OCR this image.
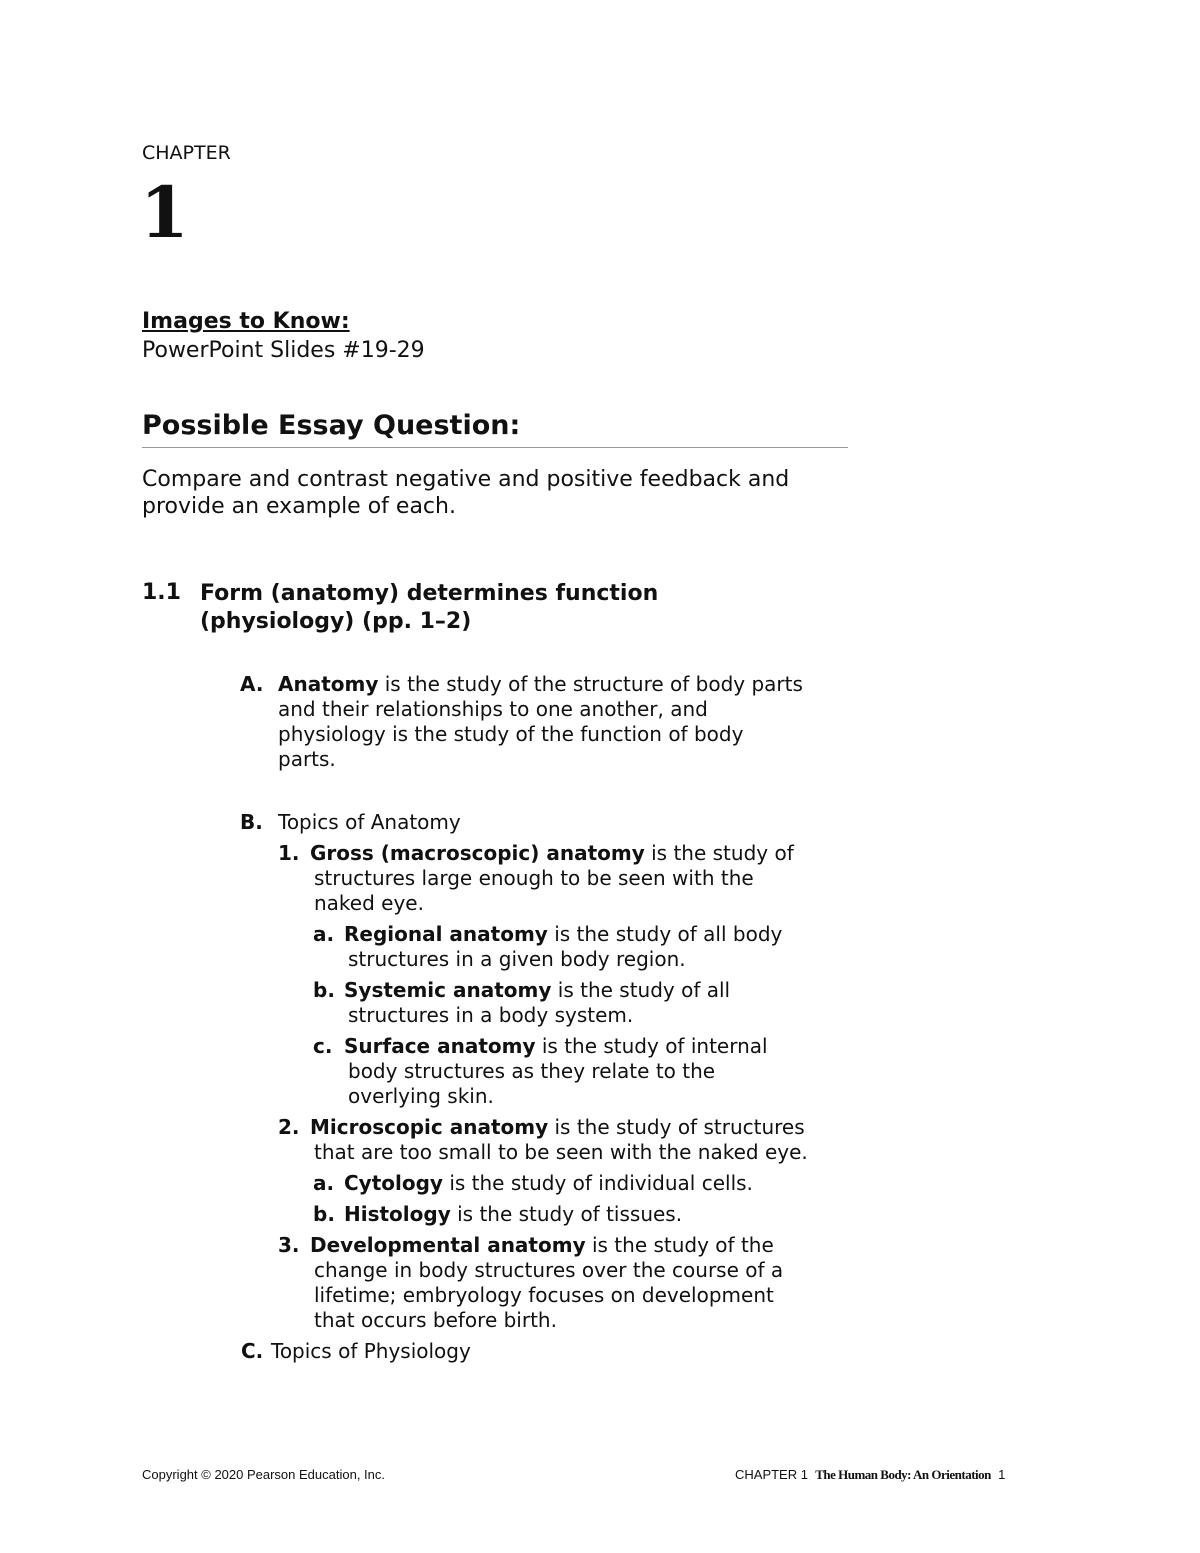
CHAPTER
1
Images to Know:
PowerPoint Slides #19-29
Possible Essay Question:
Compare and contrast negative and positive feedback and
provide an example of each.
1.1 Form (anatomy) determines function
(physiology) (pp. 1–2)
A. Anatomy is the study of the structure of body parts
and their relationships to one another, and
physiology is the study of the function of body
parts.
B. Topics of Anatomy
1. Gross (macroscopic) anatomy is the study of
structures large enough to be seen with the
naked eye.
a. Regional anatomy is the study of all body
structures in a given body region.
b. Systemic anatomy is the study of all
structures in a body system.
c. Surface anatomy is the study of internal
body structures as they relate to the
overlying skin.
2. Microscopic anatomy is the study of structures
that are too small to be seen with the naked eye.
a. Cytology is the study of individual cells.
b. Histology is the study of tissues.
3. Developmental anatomy is the study of the
change in body structures over the course of a
lifetime; embryology focuses on development
that occurs before birth.
C. Topics of Physiology
Copyright © 2020 Pearson Education, Inc.	CHAPTER 1 The Human Body: An Orientation 1
